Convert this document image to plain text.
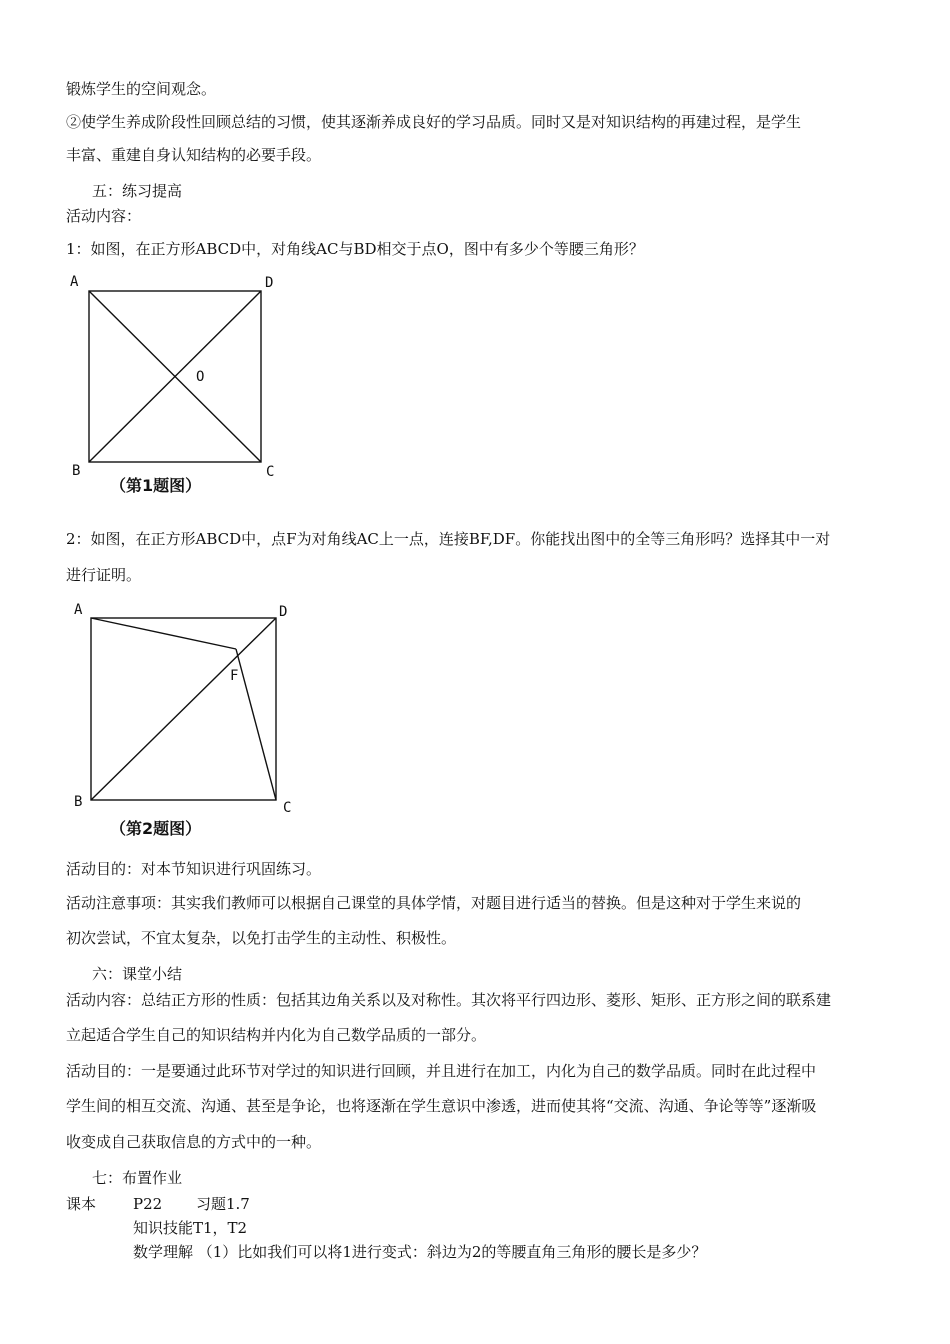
锻炼学生的空间观念。
②使学生养成阶段性回顾总结的习惯，使其逐渐养成良好的学习品质。同时又是对知识结构的再建过程，是学生
丰富、重建自身认知结构的必要手段。
五：练习提高
活动内容：
1：如图，在正方形ABCD中，对角线AC与BD相交于点O，图中有多少个等腰三角形？
A	D
O
B	C
（第1题图）
2：如图，在正方形ABCD中，点F为对角线AC上一点，连接BF,DF。你能找出图中的全等三角形吗？选择其中一对
进行证明。
A	D
F
B	C
（第2题图）
活动目的：对本节知识进行巩固练习。
活动注意事项：其实我们教师可以根据自己课堂的具体学情，对题目进行适当的替换。但是这种对于学生来说的
初次尝试，不宜太复杂，以免打击学生的主动性、积极性。
六：课堂小结
活动内容：总结正方形的性质：包括其边角关系以及对称性。其次将平行四边形、菱形、矩形、正方形之间的联系建
立起适合学生自己的知识结构并内化为自己数学品质的一部分。
活动目的：一是要通过此环节对学过的知识进行回顾，并且进行在加工，内化为自己的数学品质。同时在此过程中
学生间的相互交流、沟通、甚至是争论，也将逐渐在学生意识中渗透，进而使其将“交流、沟通、争论等等”逐渐吸
收变成自己获取信息的方式中的一种。
七：布置作业
课本 P22 习题1.7
知识技能T1，T2
数学理解 （1）比如我们可以将1进行变式：斜边为2的等腰直角三角形的腰长是多少？
